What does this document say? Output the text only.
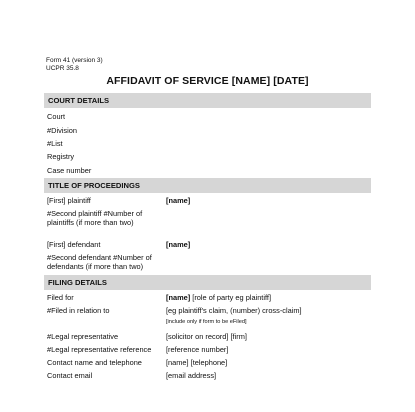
Form 41 (version 3)
UCPR 35.8
AFFIDAVIT OF SERVICE [NAME] [DATE]
COURT DETAILS
Court
#Division
#List
Registry
Case number
TITLE OF PROCEEDINGS
[First] plaintiff	[name]
#Second plaintiff #Number of plaintiffs (if more than two)
[First] defendant	[name]
#Second defendant #Number of defendants (if more than two)
FILING DETAILS
Filed for	[name] [role of party eg plaintiff]
#Filed in relation to	[eg plaintiff's claim, (number) cross-claim]
[include only if form to be eFiled]
#Legal representative	[solicitor on record] [firm]
#Legal representative reference	[reference number]
Contact name and telephone	[name] [telephone]
Contact email	[email address]
